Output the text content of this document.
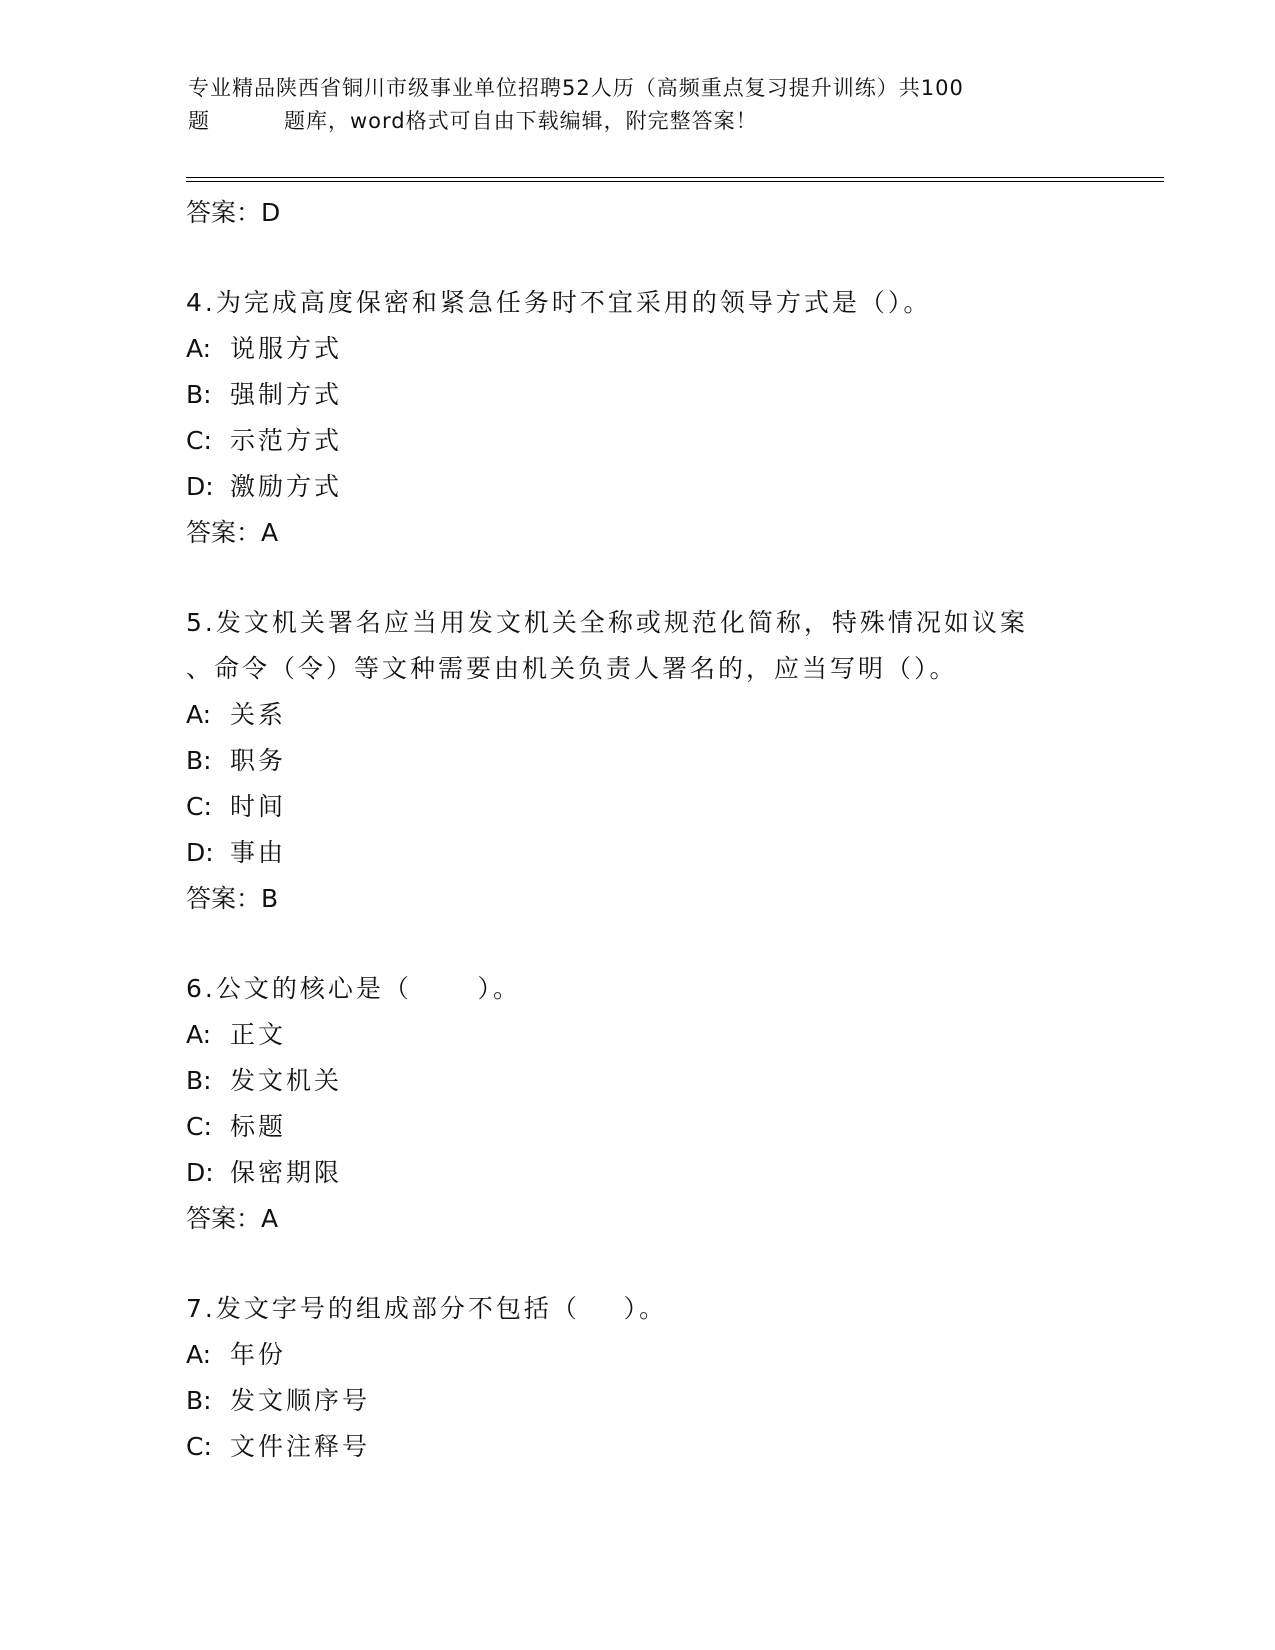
专业精品陕西省铜川市级事业单位招聘52人历（高频重点复习提升训练）共100
题	题库，word格式可自由下载编辑，附完整答案！
答案：D
4.为完成高度保密和紧急任务时不宜采用的领导方式是（）。
A: 说服方式
B: 强制方式
C: 示范方式
D: 激励方式
答案：A
5.发文机关署名应当用发文机关全称或规范化简称，特殊情况如议案
、命令（令）等文种需要由机关负责人署名的，应当写明（）。
A: 关系
B: 职务
C: 时间
D: 事由
答案：B
6.公文的核心是（      ）。
A: 正文
B: 发文机关
C: 标题
D: 保密期限
答案：A
7.发文字号的组成部分不包括（    ）。
A: 年份
B: 发文顺序号
C: 文件注释号
